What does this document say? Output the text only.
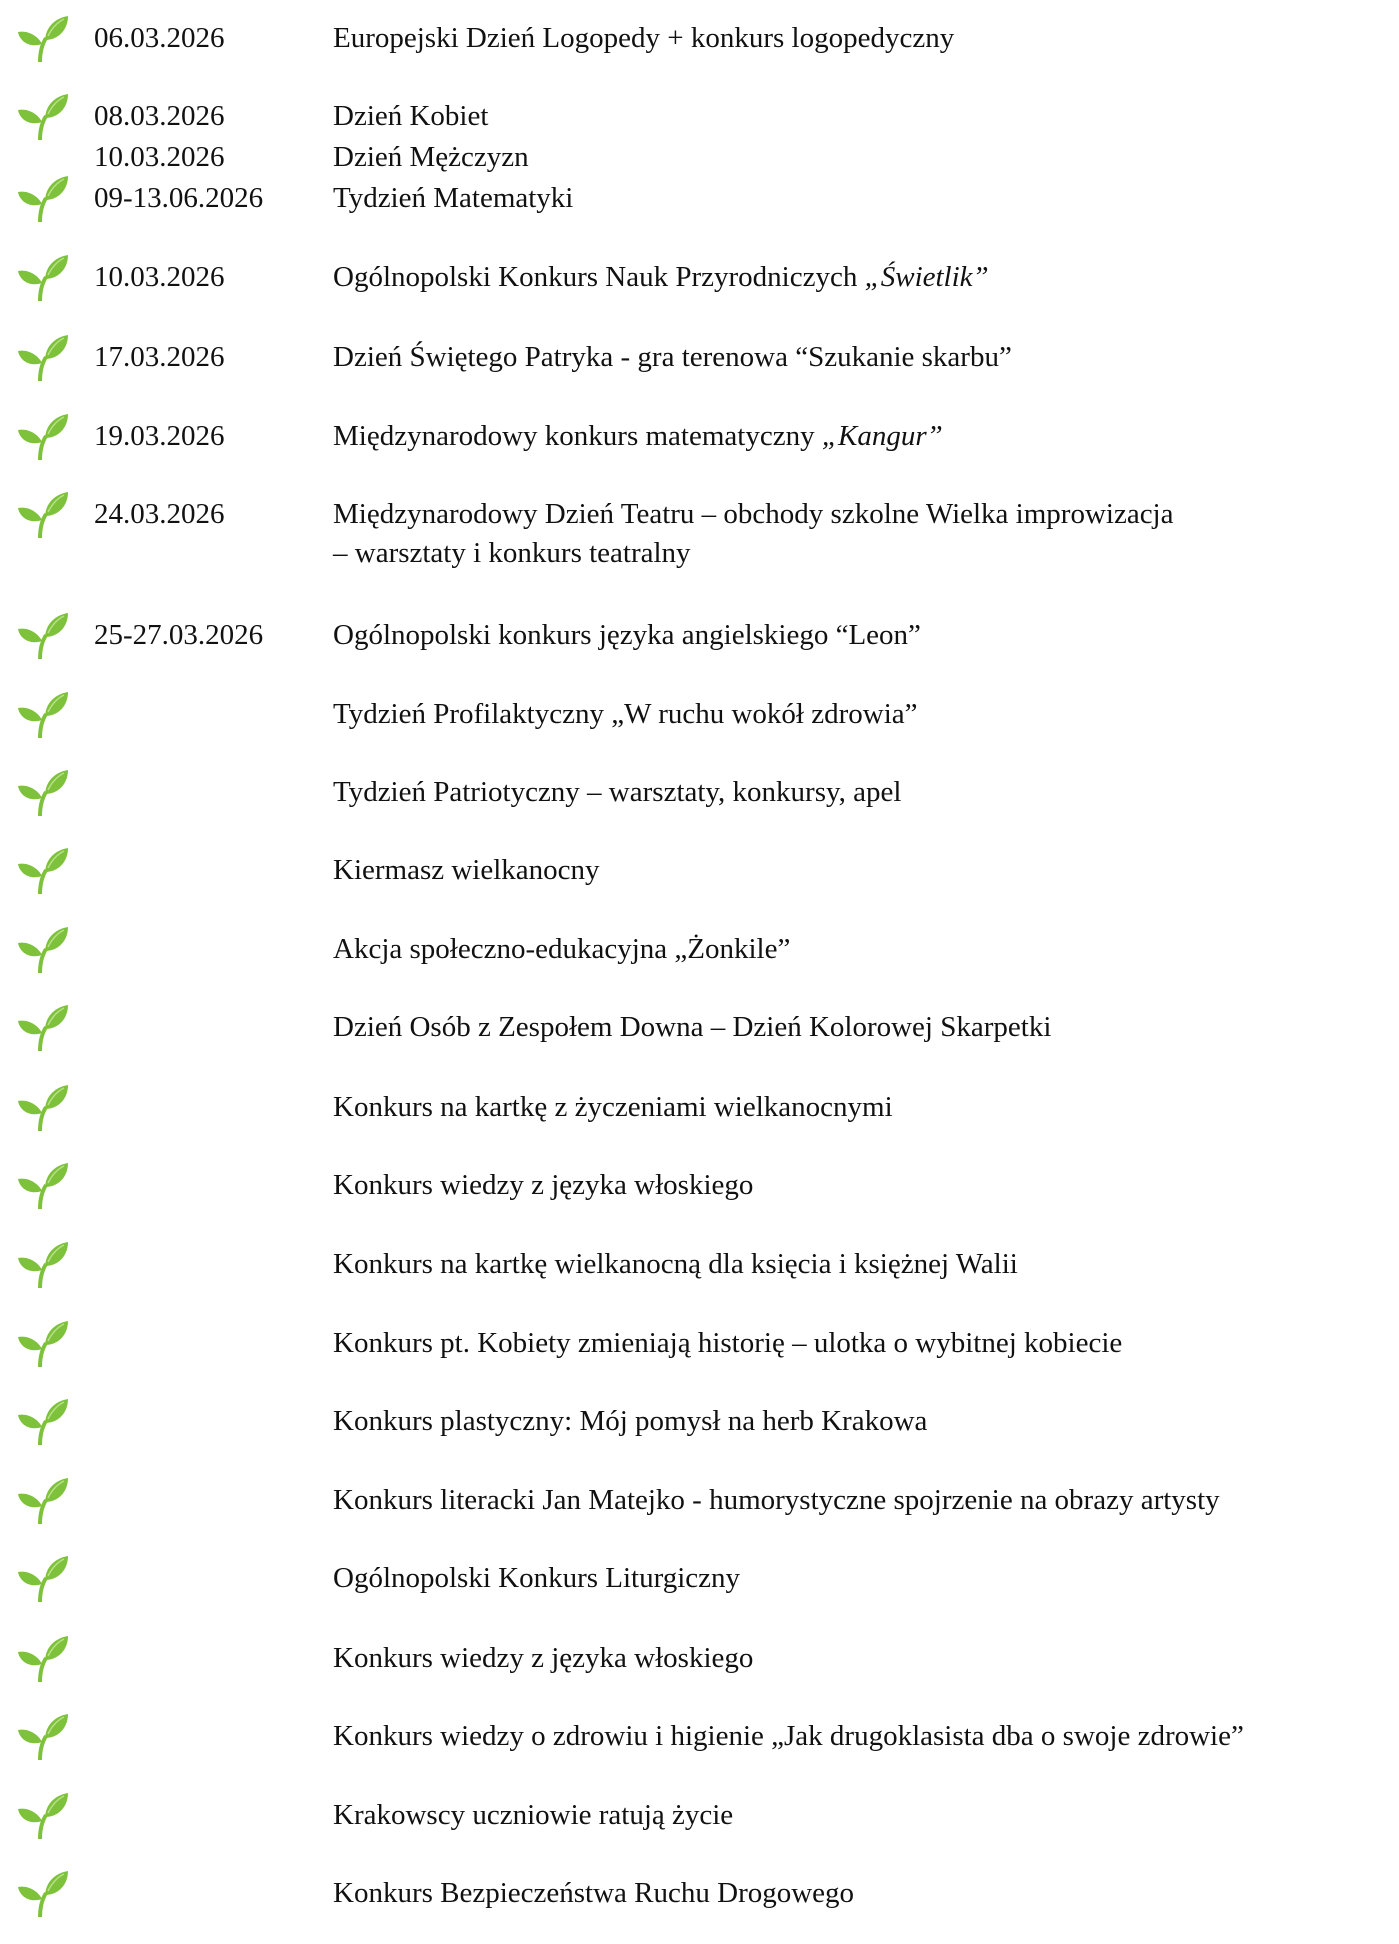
06.03.2026
08.03.2026
10.03.2026
09-13.06.2026
10.03.2026
17.03.2026
19.03.2026
24.03.2026
25-27.03.2026
Europejski Dzień Logopedy + konkurs logopedyczny
Dzień Kobiet
Dzień Mężczyzn
Tydzień Matematyki
Ogólnopolski Konkurs Nauk Przyrodniczych „Świetlik”
Dzień Świętego Patryka - gra terenowa “Szukanie skarbu”
Międzynarodowy konkurs matematyczny „Kangur”
Międzynarodowy Dzień Teatru – obchody szkolne Wielka improwizacja
– warsztaty i konkurs teatralny
Ogólnopolski konkurs języka angielskiego “Leon”
Tydzień Profilaktyczny „W ruchu wokół zdrowia”
Tydzień Patriotyczny – warsztaty, konkursy, apel
Kiermasz wielkanocny
Akcja społeczno-edukacyjna „Żonkile”
Dzień Osób z Zespołem Downa – Dzień Kolorowej Skarpetki
Konkurs na kartkę z życzeniami wielkanocnymi
Konkurs wiedzy z języka włoskiego
Konkurs na kartkę wielkanocną dla księcia i księżnej Walii
Konkurs pt. Kobiety zmieniają historię – ulotka o wybitnej kobiecie
Konkurs plastyczny: Mój pomysł na herb Krakowa
Konkurs literacki Jan Matejko - humorystyczne spojrzenie na obrazy artysty
Ogólnopolski Konkurs Liturgiczny
Konkurs wiedzy z języka włoskiego
Konkurs wiedzy o zdrowiu i higienie „Jak drugoklasista dba o swoje zdrowie”
Krakowscy uczniowie ratują życie
Konkurs Bezpieczeństwa Ruchu Drogowego
